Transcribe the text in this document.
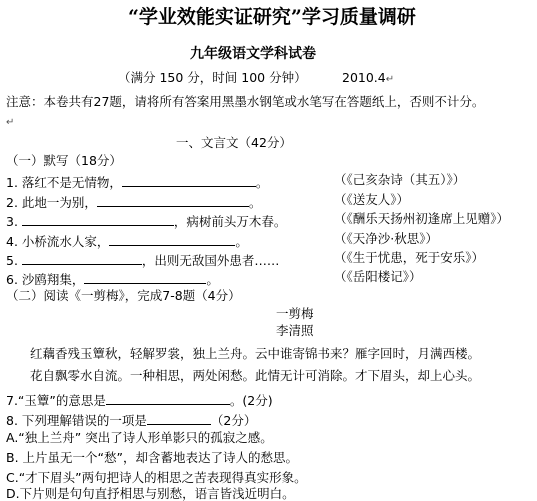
“学业效能实证研究”学习质量调研
九年级语文学科试卷
（满分 150 分，时间 100 分钟）	2010.4↵
注意：本卷共有27题，请将所有答案用黑墨水钢笔或水笔写在答题纸上，否则不计分。
↵
一、文言文（42分）
（一）默写（18分）
1. 落红不是无情物，	。	（《己亥杂诗（其五）》）
2. 此地一为别，	。	（《送友人》）
3.	，病树前头万木春。	（《酬乐天扬州初逢席上见赠》）
4. 小桥流水人家，	。	（《天净沙·秋思》）
5.	，出则无敌国外患者……	（《生于忧患，死于安乐》）
6. 沙鸥翔集，	。	（《岳阳楼记》）
（二）阅读《一剪梅》，完成7-8题（4分）
一剪梅
李清照
红藕香残玉簟秋，轻解罗裳，独上兰舟。云中谁寄锦书来？雁字回时，月满西楼。
花自飘零水自流。一种相思，两处闲愁。此情无计可消除。才下眉头，却上心头。
7.“玉簟”的意思是	。(2分)
8. 下列理解错误的一项是	（2分）
A.“独上兰舟” 突出了诗人形单影只的孤寂之感。
B. 上片虽无一个“愁”，却含蓄地表达了诗人的愁思。
C.“才下眉头”两句把诗人的相思之苦表现得真实形象。
D.下片则是句句直抒相思与别愁，语言皆浅近明白。
